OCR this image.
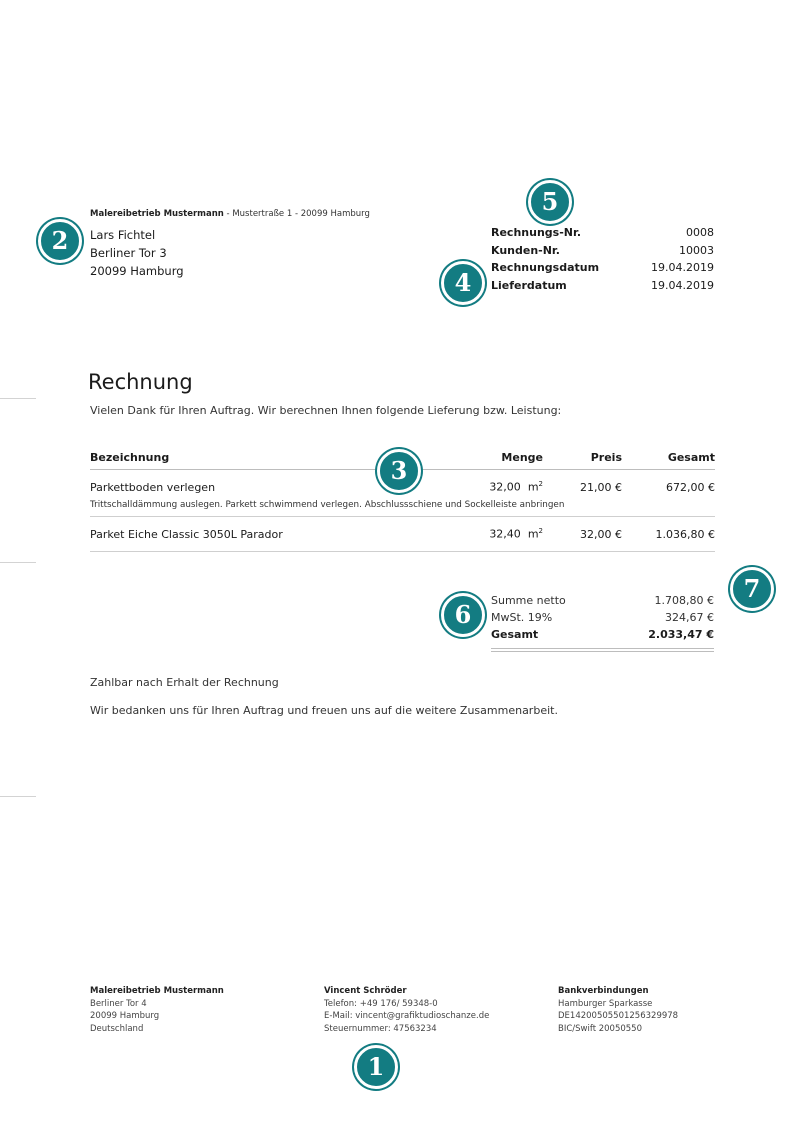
Malereibetrieb Mustermann - Mustertraße 1 - 20099 Hamburg
Lars Fichtel
Berliner Tor 3
20099 Hamburg
Rechnungs-Nr.	0008
Kunden-Nr.	10003
Rechnungsdatum	19.04.2019
Lieferdatum	19.04.2019
Rechnung
Vielen Dank für Ihren Auftrag. Wir berechnen Ihnen folgende Lieferung bzw. Leistung:
Bezeichnung	Menge	Preis	Gesamt
Parkettboden verlegen	32,00 $m^2$	21,00 €	672,00 €
Trittschalldämmung auslegen. Parkett schwimmend verlegen. Abschlussschiene und Sockelleiste anbringen
Parket Eiche Classic 3050L Parador	32,40 $m^2$	32,00 €	1.036,80 €
Summe netto	1.708,80 €
MwSt. 19%	324,67 €
Gesamt	2.033,47 €
Zahlbar nach Erhalt der Rechnung
Wir bedanken uns für Ihren Auftrag und freuen uns auf die weitere Zusammenarbeit.
Malereibetrieb Mustermann
Berliner Tor 4
20099 Hamburg
Deutschland
Vincent Schröder
Telefon: +49 176/ 59348-0
E-Mail: vincent@grafiktudioschanze.de
Steuernummer: 47563234
Bankverbindungen
Hamburger Sparkasse
DE14200505501256329978
BIC/Swift 20050550
1
2
3
4
5
6
7
